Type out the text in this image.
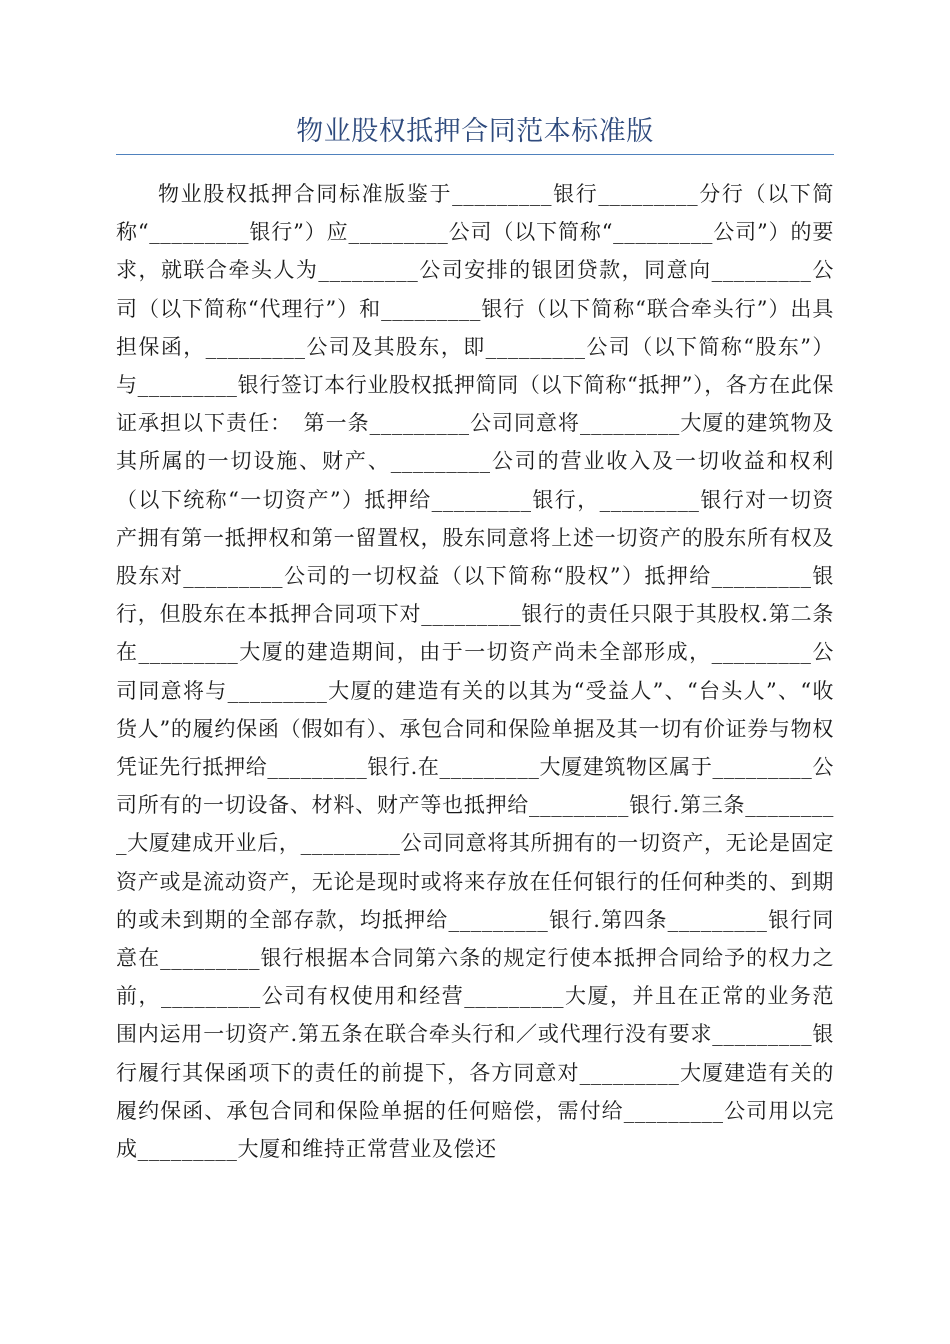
物业股权抵押合同范本标准版

物业股权抵押合同标准版鉴于_________银行_________分行（以下简称“_________银行”）应_________公司（以下简称“_________公司”）的要求，就联合牵头人为_________公司安排的银团贷款，同意向_________公司（以下简称“代理行”）和_________银行（以下简称“联合牵头行”）出具担保函，_________公司及其股东，即_________公司（以下简称“股东”）与_________银行签订本行业股权抵押简同（以下简称“抵押”），各方在此保证承担以下责任：　第一条_________公司同意将_________大厦的建筑物及其所属的一切设施、财产、_________公司的营业收入及一切收益和权利（以下统称“一切资产”）抵押给_________银行，_________银行对一切资产拥有第一抵押权和第一留置权，股东同意将上述一切资产的股东所有权及股东对_________公司的一切权益（以下简称“股权”）抵押给_________银行，但股东在本抵押合同项下对_________银行的责任只限于其股权.第二条在_________大厦的建造期间，由于一切资产尚未全部形成，_________公司同意将与_________大厦的建造有关的以其为“受益人”、“台头人”、“收货人”的履约保函（假如有）、承包合同和保险单据及其一切有价证券与物权凭证先行抵押给_________银行.在_________大厦建筑物区属于_________公司所有的一切设备、材料、财产等也抵押给_________银行.第三条_________大厦建成开业后，_________公司同意将其所拥有的一切资产，无论是固定资产或是流动资产，无论是现时或将来存放在任何银行的任何种类的、到期的或未到期的全部存款，均抵押给_________银行.第四条_________银行同意在_________银行根据本合同第六条的规定行使本抵押合同给予的权力之前，_________公司有权使用和经营_________大厦，并且在正常的业务范围内运用一切资产.第五条在联合牵头行和／或代理行没有要求_________银行履行其保函项下的责任的前提下，各方同意对_________大厦建造有关的履约保函、承包合同和保险单据的任何赔偿，需付给_________公司用以完成_________大厦和维持正常营业及偿还
